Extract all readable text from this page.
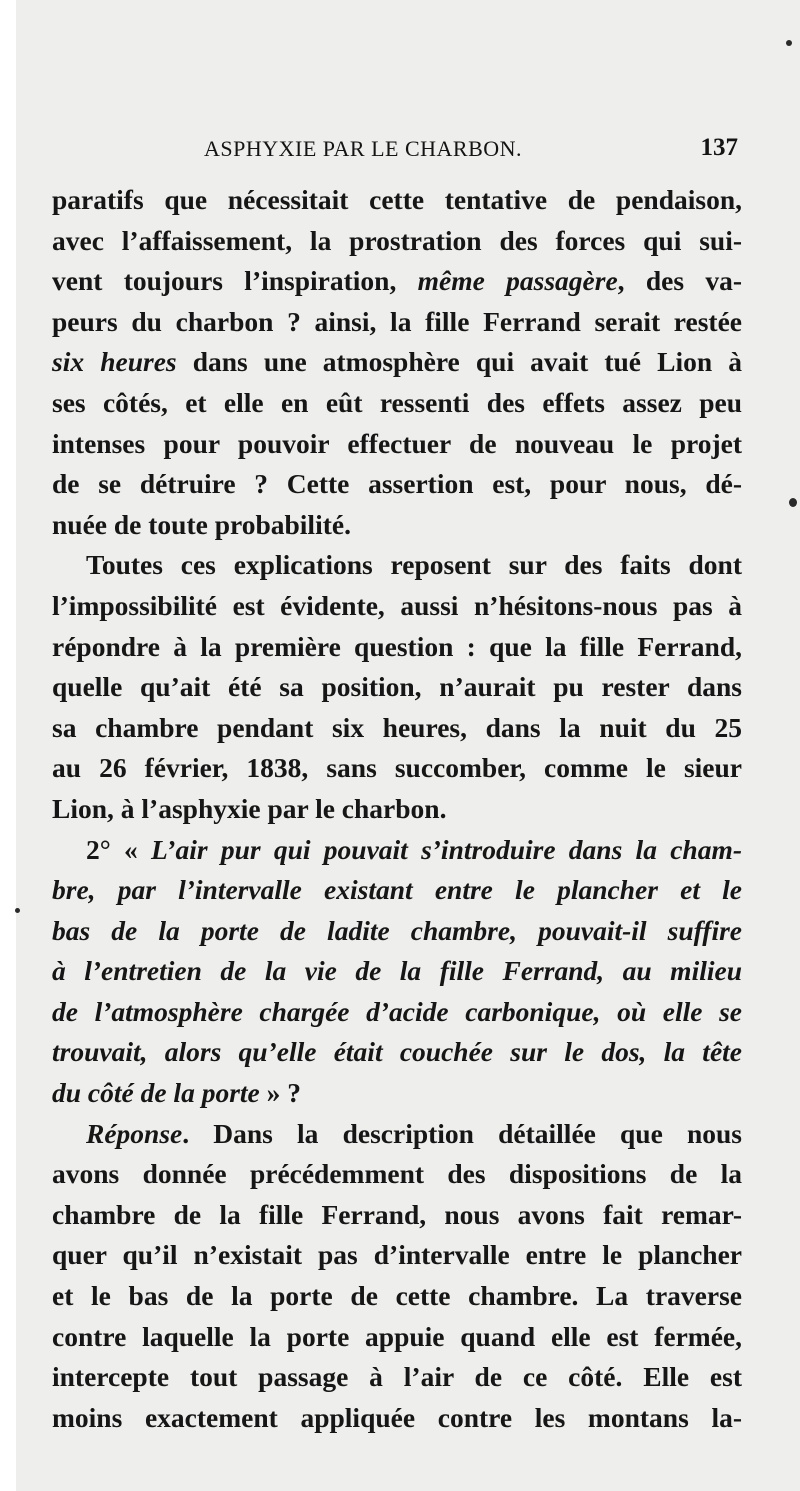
ASPHYXIE PAR LE CHARBON.	137
paratifs que nécessitait cette tentative de pendaison,
avec l’affaissement, la prostration des forces qui sui-
vent toujours l’inspiration, même passagère, des va-
peurs du charbon ? ainsi, la fille Ferrand serait restée
six heures dans une atmosphère qui avait tué Lion à
ses côtés, et elle en eût ressenti des effets assez peu
intenses pour pouvoir effectuer de nouveau le projet
de se détruire ? Cette assertion est, pour nous, dé-
nuée de toute probabilité.
Toutes ces explications reposent sur des faits dont
l’impossibilité est évidente, aussi n’hésitons-nous pas à
répondre à la première question : que la fille Ferrand,
quelle qu’ait été sa position, n’aurait pu rester dans
sa chambre pendant six heures, dans la nuit du 25
au 26 février, 1838, sans succomber, comme le sieur
Lion, à l’asphyxie par le charbon.
2° « L’air pur qui pouvait s’introduire dans la cham-
bre, par l’intervalle existant entre le plancher et le
bas de la porte de ladite chambre, pouvait-il suffire
à l’entretien de la vie de la fille Ferrand, au milieu
de l’atmosphère chargée d’acide carbonique, où elle se
trouvait, alors qu’elle était couchée sur le dos, la tête
du côté de la porte » ?
Réponse. Dans la description détaillée que nous
avons donnée précédemment des dispositions de la
chambre de la fille Ferrand, nous avons fait remar-
quer qu’il n’existait pas d’intervalle entre le plancher
et le bas de la porte de cette chambre. La traverse
contre laquelle la porte appuie quand elle est fermée,
intercepte tout passage à l’air de ce côté. Elle est
moins exactement appliquée contre les montans la-
